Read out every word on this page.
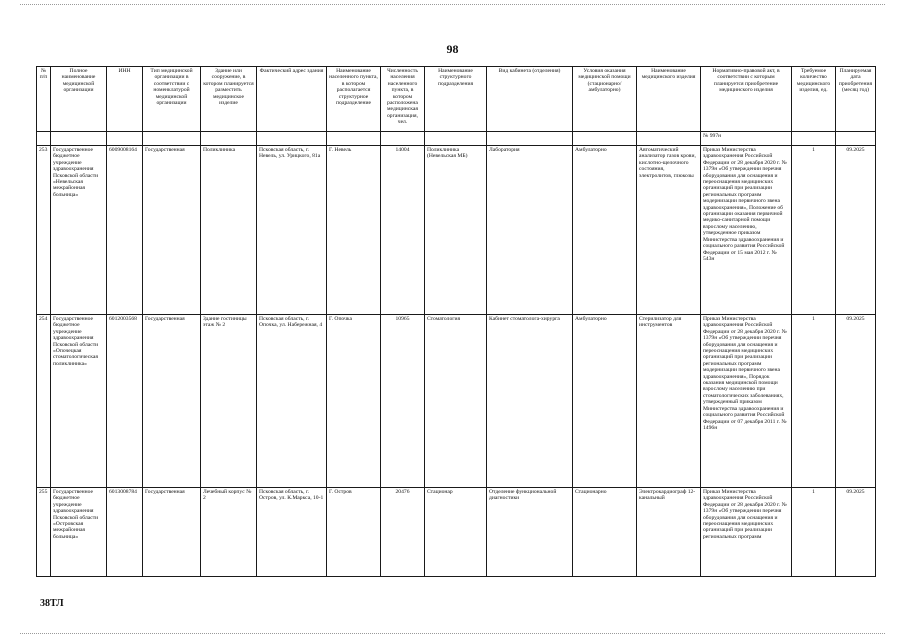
98
№ п/п	Полное наименование медицинской организации	ИНН	Тип медицинской организации в соответствии с номенклатурой медицинской организации	Здание или сооружение, в котором планируется разместить медицинское изделие	Фактический адрес здания	Наименование населенного пункта, в котором располагается структурное подразделение	Численность населения населенного пункта, в котором расположена медицинская организация, чел.	Наименование структурного подразделения	Вид кабинета (отделения)	Условия оказания медицинской помощи (стационарно/ амбулаторно)	Наименование медицинского изделия	Нормативно-правовой акт, в соответствии с которым планируется приобретение медицинского изделия	Требуемое количество медицинского изделия, ед.	Планируемая дата приобретения (месяц год)
												№ 997н		
253	Государственное бюджетное учреждение здравоохранения Псковской области «Невельская межрайонная больница»	6009008164	Государственная	Поликлиника	Псковская область, г. Невель, ул. Урицкого, 81а	Г. Невель	14004	Поликлиника (Невельская МБ)	Лаборатория	Амбулаторно	Автоматический анализатор газов крови, кислотно-щелочного состояния, электролитов, глюкозы	Приказ Министерства здравоохранения Российской Федерации от 28 декабря 2020 г. № 1379н «Об утверждении перечня оборудования для оснащения и переоснащения медицинских организаций при реализации региональных программ модернизации первичного звена здравоохранения», Положение об организации оказания первичной медико-санитарной помощи взрослому населению, утвержденное приказом Министерства здравоохранения и социального развития Российской Федерации от 15 мая 2012 г. № 543н	1	09.2025
254	Государственное бюджетное учреждение здравоохранения Псковской области «Опочецкая стоматологическая поликлиника»	6012003568	Государственная	Здание гостиницы этаж № 2	Псковская область, г. Опочка, ул. Набережная, 4	Г. Опочка	10965	Стоматология	Кабинет стоматолога-хирурга	Амбулаторно	Стерилизатор для инструментов	Приказ Министерства здравоохранения Российской Федерации от 28 декабря 2020 г. № 1379н «Об утверждении перечня оборудования для оснащения и переоснащения медицинских организаций при реализации региональных программ модернизации первичного звена здравоохранения», Порядок оказания медицинской помощи взрослому населению при стоматологических заболеваниях, утвержденный приказом Министерства здравоохранения и социального развития Российской Федерации от 07 декабря 2011 г. № 1496н	1	09.2025
255	Государственное бюджетное учреждение здравоохранения Псковской области «Островская межрайонная больница»	6013008784	Государственная	Лечебный корпус № 2	Псковская область, г. Остров, ул. К.Маркса, 10-1	Г. Остров	20476	Стационар	Отделение функциональной диагностики	Стационарно	Электрокардиограф 12-канальный	Приказ Министерства здравоохранения Российской Федерации от 28 декабря 2020 г. № 1379н «Об утверждении перечня оборудования для оснащения и переоснащения медицинских организаций при реализации региональных программ	1	09.2025
38ТЛ
